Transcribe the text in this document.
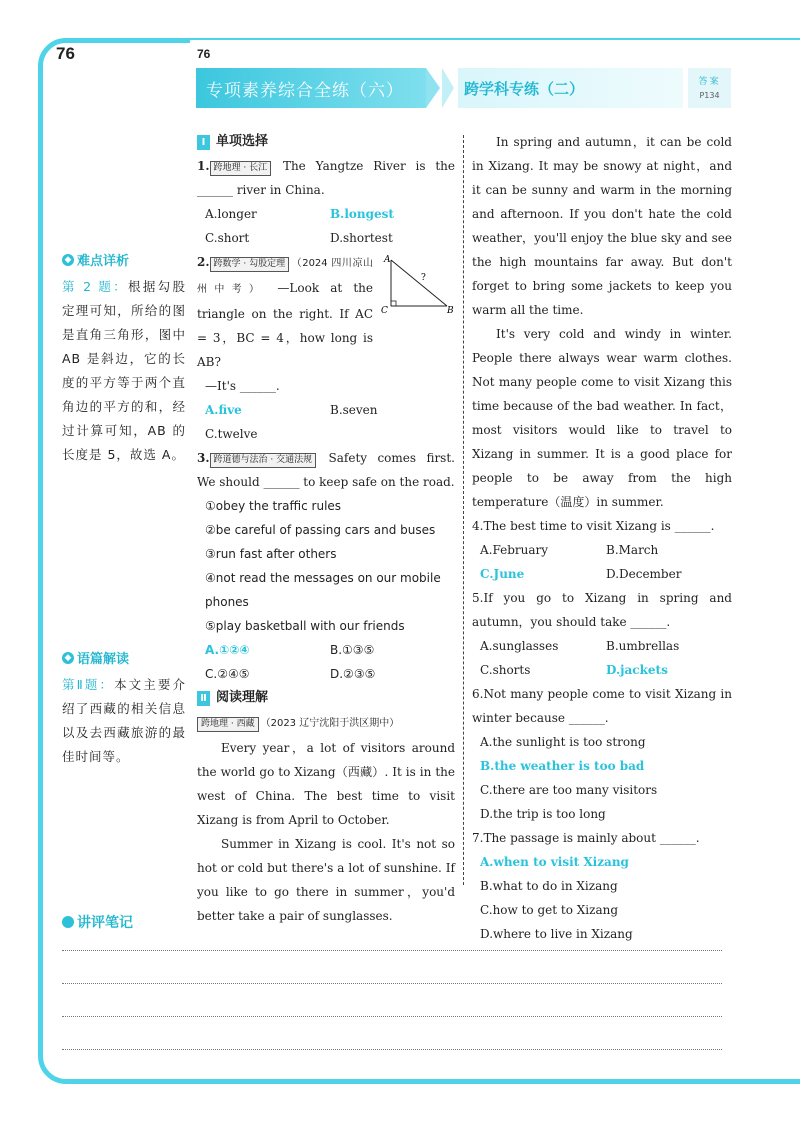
76	76
专项素养综合全练（六）	跨学科专练（二）	答案
P134
◆ 难点详析
第 2 题：根据勾股定理可知，所给的图是直角三角形，图中 AB 是斜边，它的长度的平方等于两个直角边的平方的和，经过计算可知，AB 的长度是 5，故选 A。
◆ 语篇解读
第Ⅱ题：本文主要介绍了西藏的相关信息以及去西藏旅游的最佳时间等。
Ⅰ 单项选择
1. 跨地理 · 长江 The Yangtze River is the ______ river in China.
A.longer	B.longest
C.short	D.shortest
2. 跨数学 · 勾股定理 （2024 四川凉山州中考） —Look at the triangle on the right. If AC = 3，BC = 4，how long is AB?
A
C	B
?
—It's ______.
A.five	B.seven
C.twelve
3. 跨道德与法治 · 交通法规 Safety comes first. We should ______ to keep safe on the road.
①obey the traffic rules
②be careful of passing cars and buses
③run fast after others
④not read the messages on our mobile phones
⑤play basketball with our friends
A.①②④	B.①③⑤
C.②④⑤	D.②③⑤
Ⅱ 阅读理解
跨地理 · 西藏 （2023 辽宁沈阳于洪区期中）
Every year，a lot of visitors around the world go to Xizang（西藏）. It is in the west of China. The best time to visit Xizang is from April to October.
Summer in Xizang is cool. It's not so hot or cold but there's a lot of sunshine. If you like to go there in summer，you'd better take a pair of sunglasses.
In spring and autumn，it can be cold in Xizang. It may be snowy at night，and it can be sunny and warm in the morning and afternoon. If you don't hate the cold weather，you'll enjoy the blue sky and see the high mountains far away. But don't forget to bring some jackets to keep you warm all the time.
It's very cold and windy in winter. People there always wear warm clothes. Not many people come to visit Xizang this time because of the bad weather. In fact，most visitors would like to travel to Xizang in summer. It is a good place for people to be away from the high temperature（温度）in summer.
4.The best time to visit Xizang is ______.
A.February	B.March
C.June	D.December
5.If you go to Xizang in spring and autumn，you should take ______.
A.sunglasses	B.umbrellas
C.shorts	D.jackets
6.Not many people come to visit Xizang in winter because ______.
A.the sunlight is too strong
B.the weather is too bad
C.there are too many visitors
D.the trip is too long
7.The passage is mainly about ______.
A.when to visit Xizang
B.what to do in Xizang
C.how to get to Xizang
D.where to live in Xizang
讲评笔记
